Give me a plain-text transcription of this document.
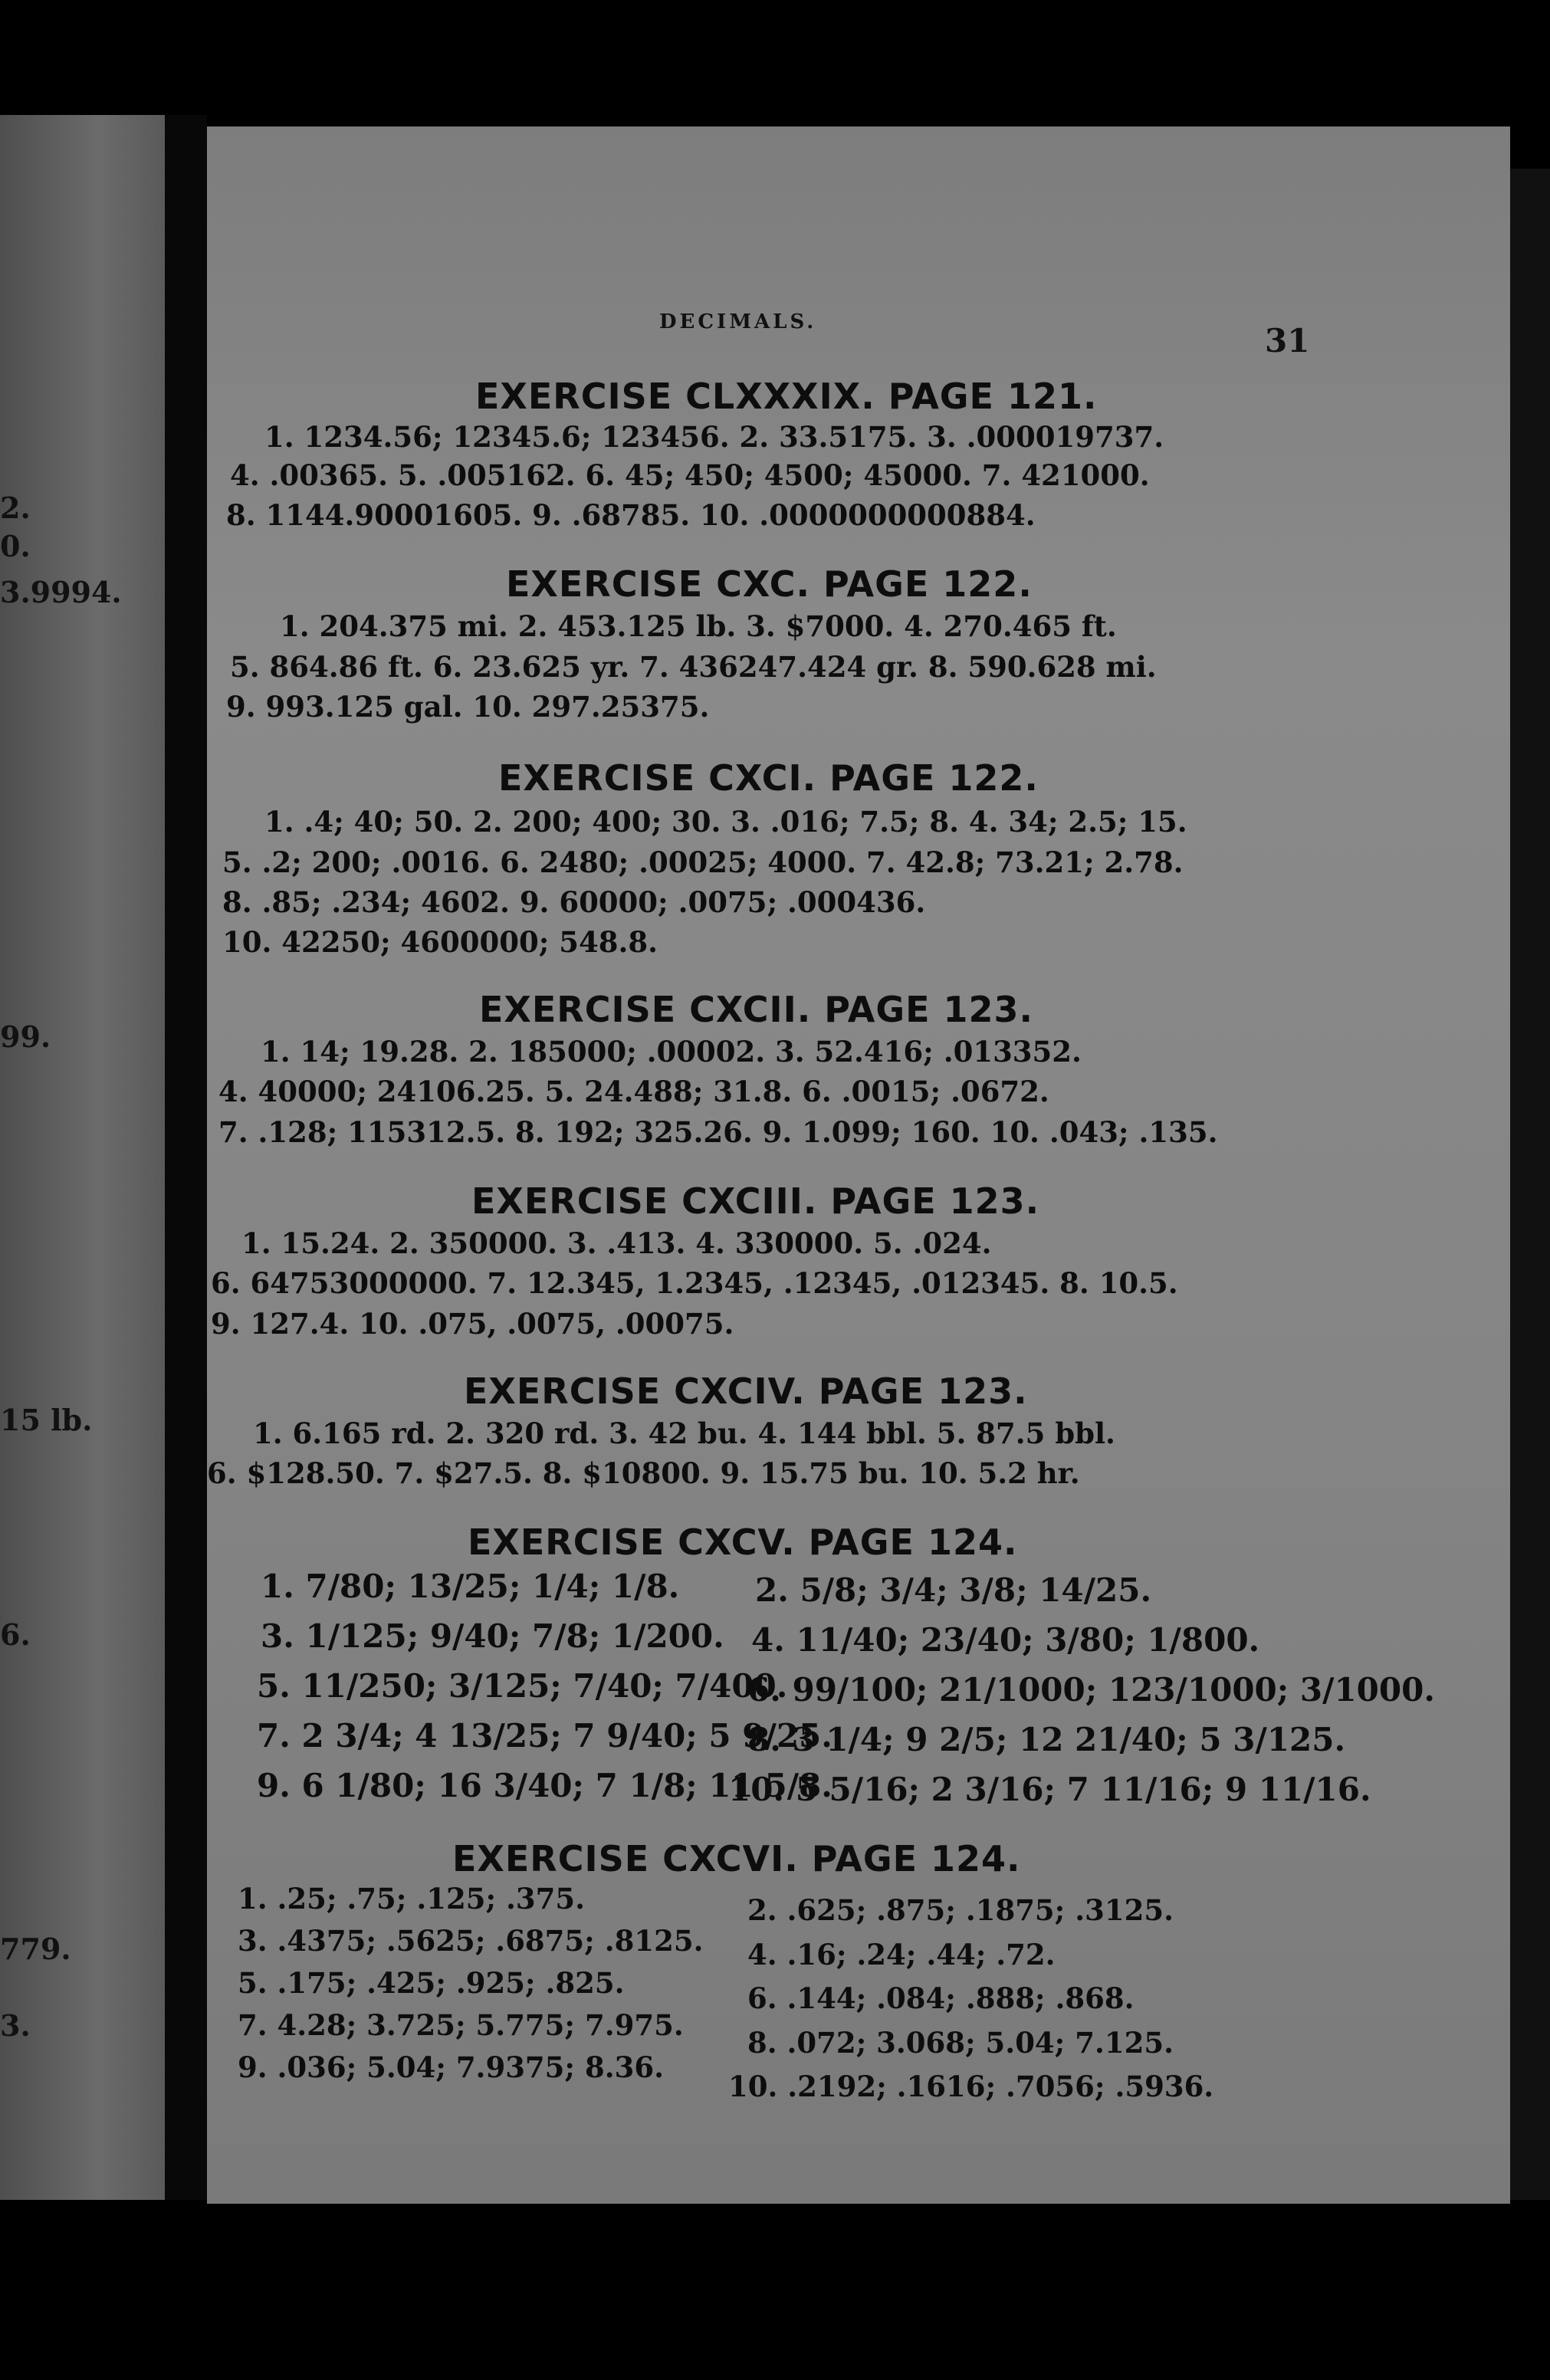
2.
0.
3.9994.
99.
15 lb.
6.
779.
3.
DECIMALS.	31
EXERCISE CLXXXIX. PAGE 121.
1. 1234.56; 12345.6; 123456. 2. 33.5175. 3. .000019737.
4. .00365. 5. .005162. 6. 45; 450; 4500; 45000. 7. 421000.
8. 1144.90001605. 9. .68785. 10. .0000000000884.
EXERCISE CXC. PAGE 122.
1. 204.375 mi. 2. 453.125 lb. 3. $7000. 4. 270.465 ft.
5. 864.86 ft. 6. 23.625 yr. 7. 436247.424 gr. 8. 590.628 mi.
9. 993.125 gal. 10. 297.25375.
EXERCISE CXCI. PAGE 122.
1. .4; 40; 50. 2. 200; 400; 30. 3. .016; 7.5; 8. 4. 34; 2.5; 15.
5. .2; 200; .0016. 6. 2480; .00025; 4000. 7. 42.8; 73.21; 2.78.
8. .85; .234; 4602. 9. 60000; .0075; .000436.
10. 42250; 4600000; 548.8.
EXERCISE CXCII. PAGE 123.
1. 14; 19.28. 2. 185000; .00002. 3. 52.416; .013352.
4. 40000; 24106.25. 5. 24.488; 31.8. 6. .0015; .0672.
7. .128; 115312.5. 8. 192; 325.26. 9. 1.099; 160. 10. .043; .135.
EXERCISE CXCIII. PAGE 123.
1. 15.24. 2. 350000. 3. .413. 4. 330000. 5. .024.
6. 64753000000. 7. 12.345, 1.2345, .12345, .012345. 8. 10.5.
9. 127.4. 10. .075, .0075, .00075.
EXERCISE CXCIV. PAGE 123.
1. 6.165 rd. 2. 320 rd. 3. 42 bu. 4. 144 bbl. 5. 87.5 bbl.
6. $128.50. 7. $27.5. 8. $10800. 9. 15.75 bu. 10. 5.2 hr.
EXERCISE CXCV. PAGE 124.
1. 7/80; 13/25; 1/4; 1/8.
3. 1/125; 9/40; 7/8; 1/200.
5. 11/250; 3/125; 7/40; 7/400.
7. 2 3/4; 4 13/25; 7 9/40; 5 9/25.
9. 6 1/80; 16 3/40; 7 1/8; 11 5/8.
2. 5/8; 3/4; 3/8; 14/25.
4. 11/40; 23/40; 3/80; 1/800.
6. 99/100; 21/1000; 123/1000; 3/1000.
8. 3 1/4; 9 2/5; 12 21/40; 5 3/125.
10. 5 5/16; 2 3/16; 7 11/16; 9 11/16.
EXERCISE CXCVI. PAGE 124.
1. .25; .75; .125; .375.
3. .4375; .5625; .6875; .8125.
5. .175; .425; .925; .825.
7. 4.28; 3.725; 5.775; 7.975.
9. .036; 5.04; 7.9375; 8.36.
2. .625; .875; .1875; .3125.
4. .16; .24; .44; .72.
6. .144; .084; .888; .868.
8. .072; 3.068; 5.04; 7.125.
10. .2192; .1616; .7056; .5936.
